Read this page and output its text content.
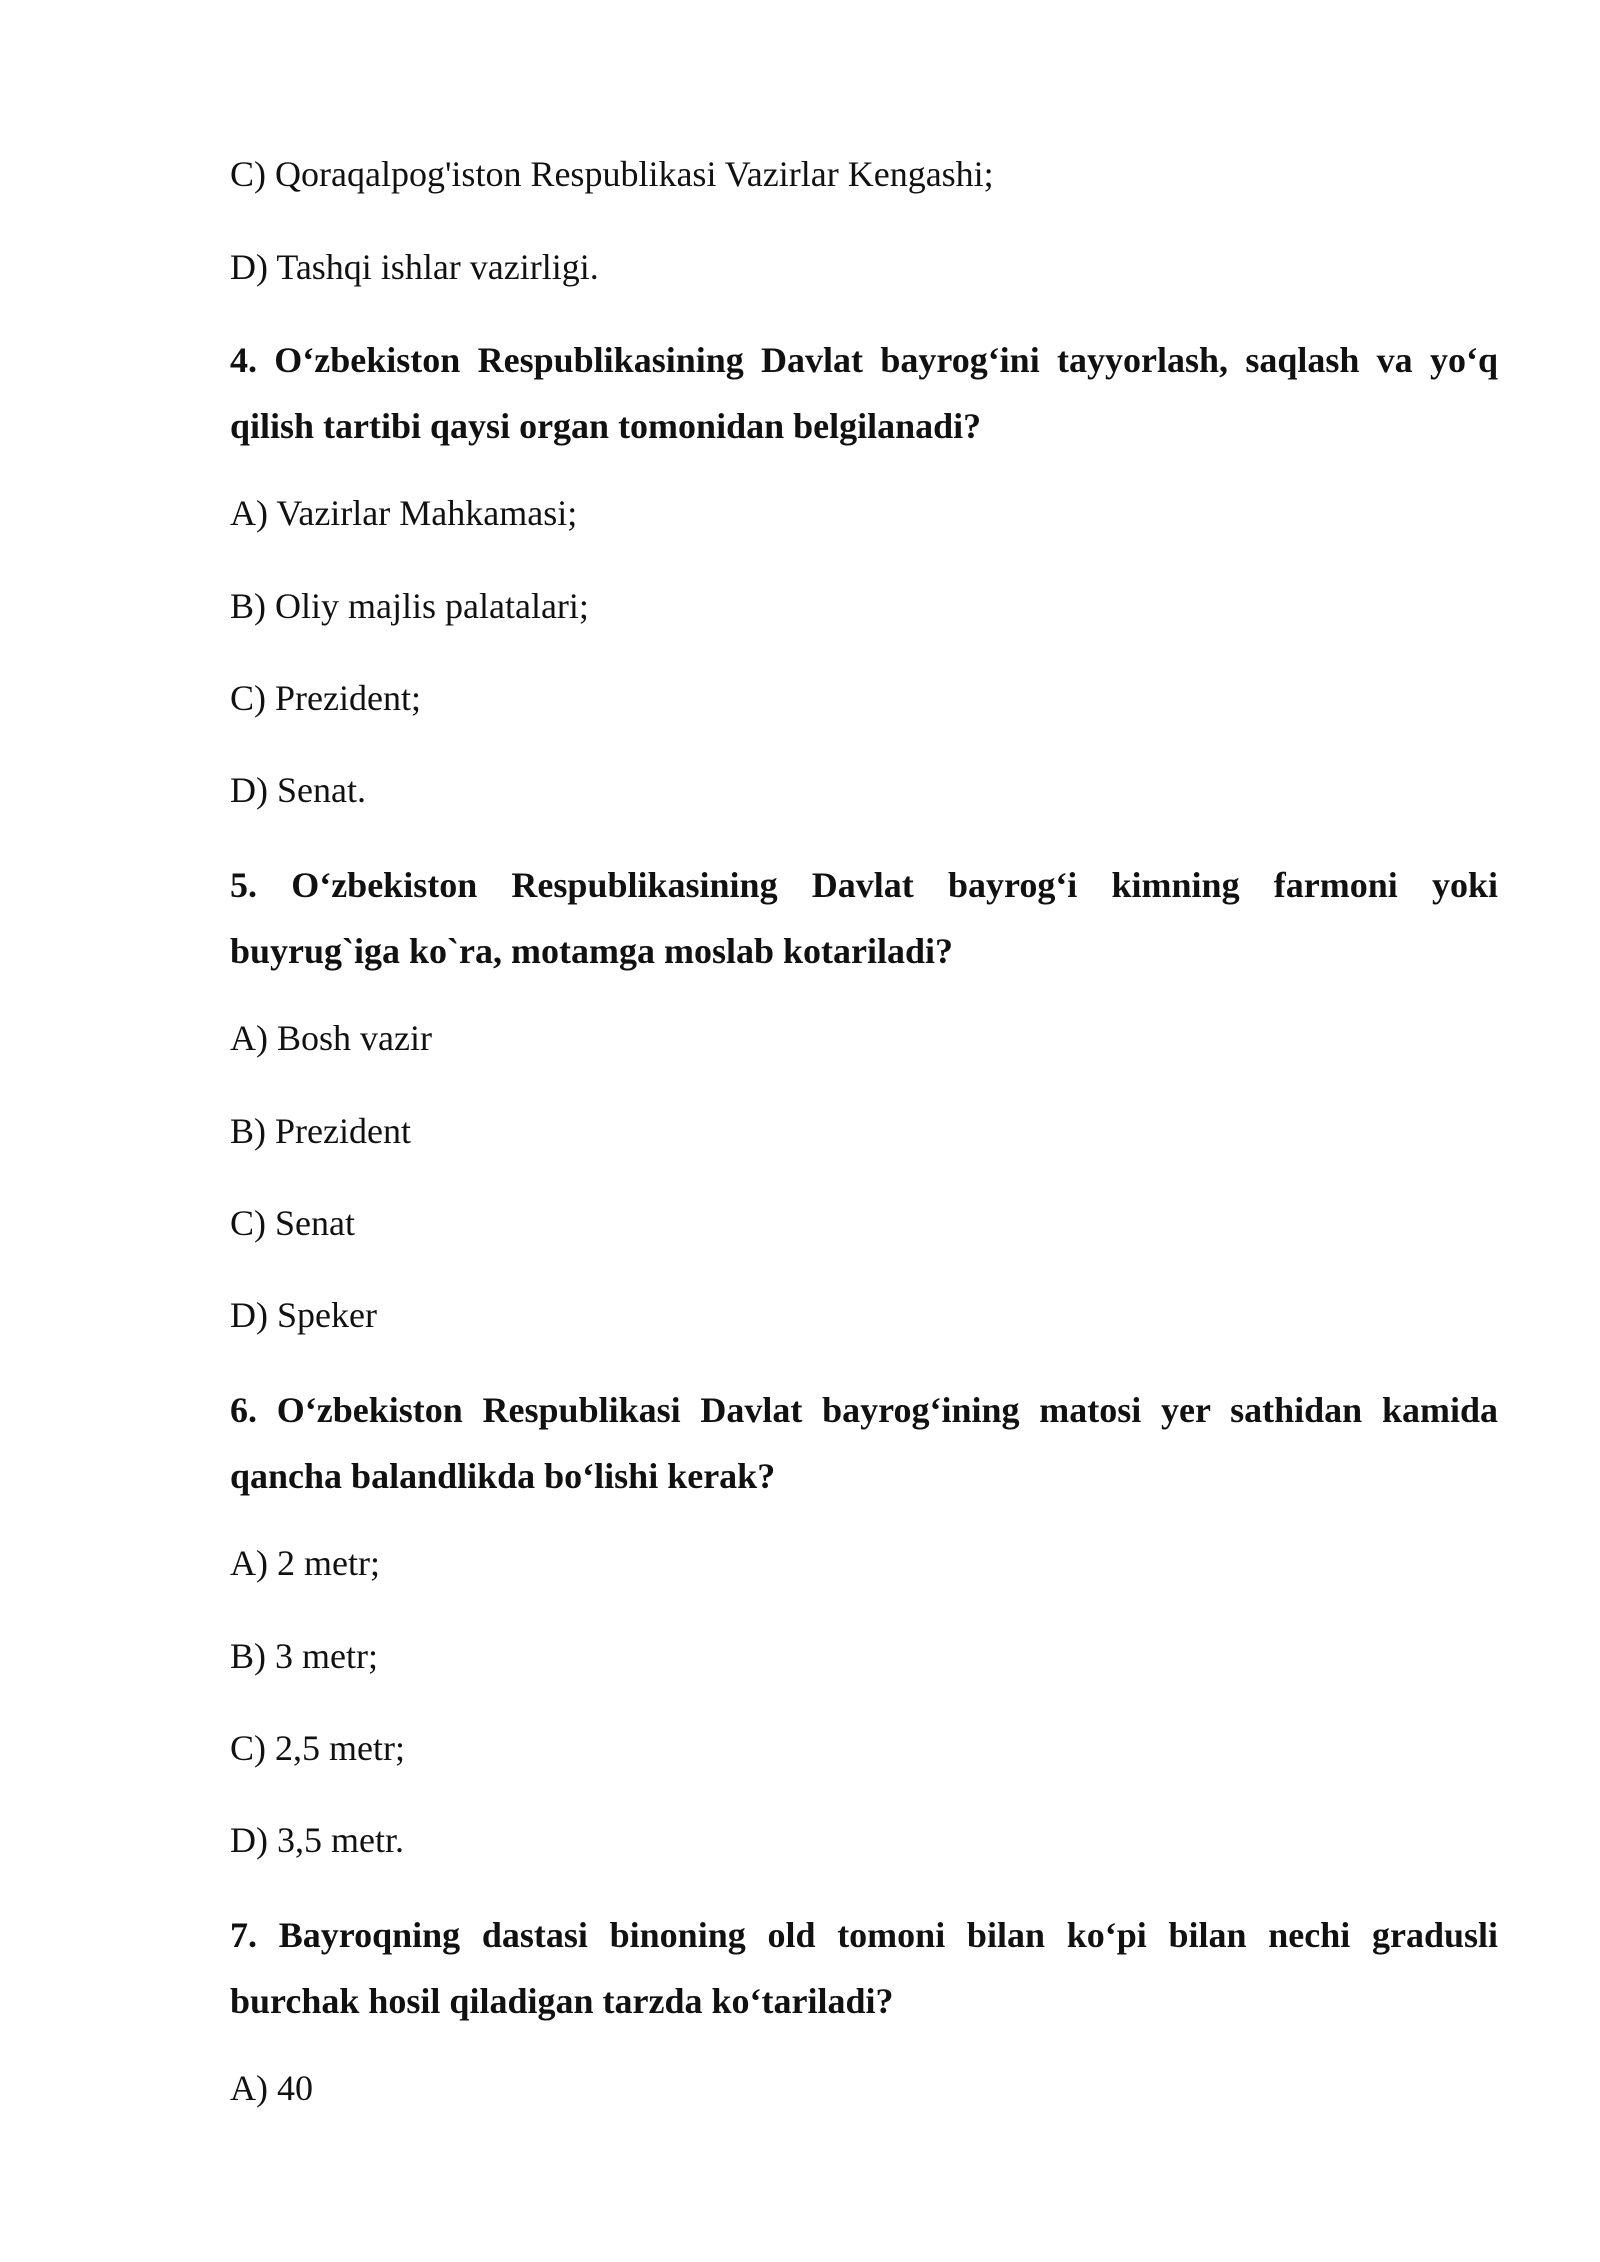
C) Qoraqalpog'iston Respublikasi Vazirlar Kengashi;
D) Tashqi ishlar vazirligi.
4. O‘zbekiston Respublikasining Davlat bayrog‘ini tayyorlash, saqlash va yo‘q qilish tartibi qaysi organ tomonidan belgilanadi?
A) Vazirlar Mahkamasi;
B) Oliy majlis palatalari;
C) Prezident;
D) Senat.
5. O‘zbekiston Respublikasining Davlat bayrog‘i kimning farmoni yoki buyrug`iga ko`ra, motamga moslab kotariladi?
A) Bosh vazir
B) Prezident
C) Senat
D) Speker
6. O‘zbekiston Respublikasi Davlat bayrog‘ining matosi yer sathidan kamida qancha balandlikda bo‘lishi kerak?
A) 2 metr;
B) 3 metr;
C) 2,5 metr;
D) 3,5 metr.
7. Bayroqning dastasi binoning old tomoni bilan ko‘pi bilan nechi gradusli burchak hosil qiladigan tarzda ko‘tariladi?
A) 40
